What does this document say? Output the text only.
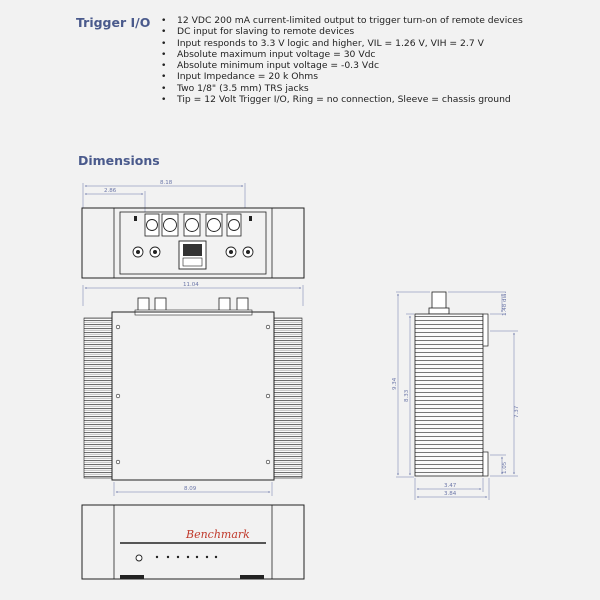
Trigger I/O
•	12 VDC 200 mA current-limited output to trigger turn-on of remote devices
• DC input for slaving to remote devices
• Input responds to 3.3 V logic and higher, VIL = 1.26 V, VIH = 2.7 V
• Absolute maximum input voltage = 30 Vdc
• Absolute minimum input voltage = -0.3 Vdc
• Input Impedance = 20 k Ohms
• Two 1/8" (3.5 mm) TRS jacks
• Tip = 12 Volt Trigger I/O, Ring = no connection, Sleeve = chassis ground
Dimensions
8.18
2.86
11.04
8.09
9.34
8.33
1.48 dia.
7.37
1.05
3.47
3.84
Benchmark
